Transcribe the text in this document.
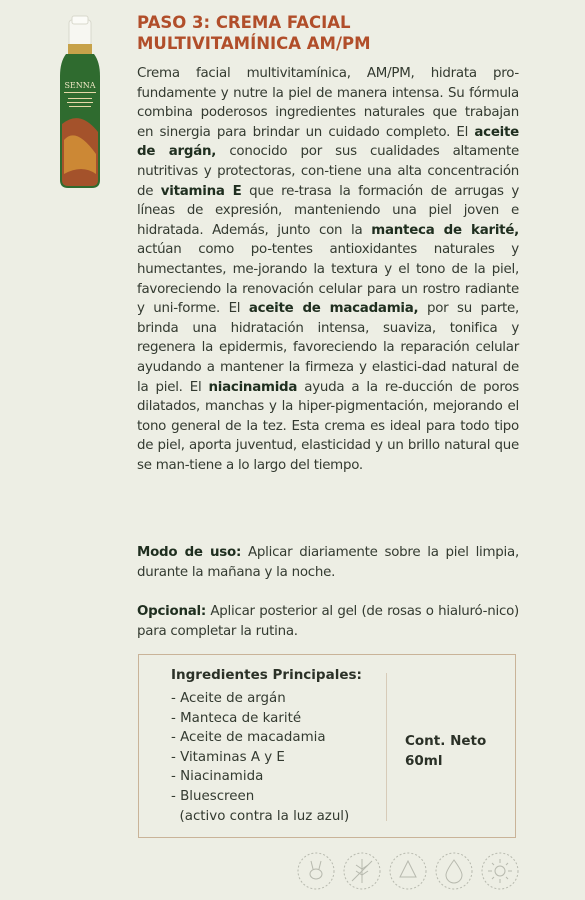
SENNA
PASO 3: CREMA FACIAL
MULTIVITAMÍNICA AM/PM

Crema facial multivitamínica, AM/PM, hidrata pro-fundamente y nutre la piel de manera intensa. Su fórmula combina poderosos ingredientes naturales que trabajan en sinergia para brindar un cuidado completo. El aceite de argán, conocido por sus cualidades altamente nutritivas y protectoras, con-tiene una alta concentración de vitamina E que re-trasa la formación de arrugas y líneas de expresión, manteniendo una piel joven e hidratada. Además, junto con la manteca de karité, actúan como po-tentes antioxidantes naturales y humectantes, me-jorando la textura y el tono de la piel, favoreciendo la renovación celular para un rostro radiante y uni-forme. El aceite de macadamia, por su parte, brinda una hidratación intensa, suaviza, tonifica y regenera la epidermis, favoreciendo la reparación celular ayudando a mantener la firmeza y elastici-dad natural de la piel. El niacinamida ayuda a la re-ducción de poros dilatados, manchas y la hiper-pigmentación, mejorando el tono general de la tez. Esta crema es ideal para todo tipo de piel, aporta juventud, elasticidad y un brillo natural que se man-tiene a lo largo del tiempo.

Modo de uso: Aplicar diariamente sobre la piel limpia, durante la mañana y la noche.

Opcional: Aplicar posterior al gel (de rosas o hialuró-nico) para completar la rutina.

Ingredientes Principales:
- Aceite de argán
- Manteca de karité
- Aceite de macadamia
- Vitaminas A y E
- Niacinamida
- Bluescreen
(activo contra la luz azul)
Cont. Neto
60ml
